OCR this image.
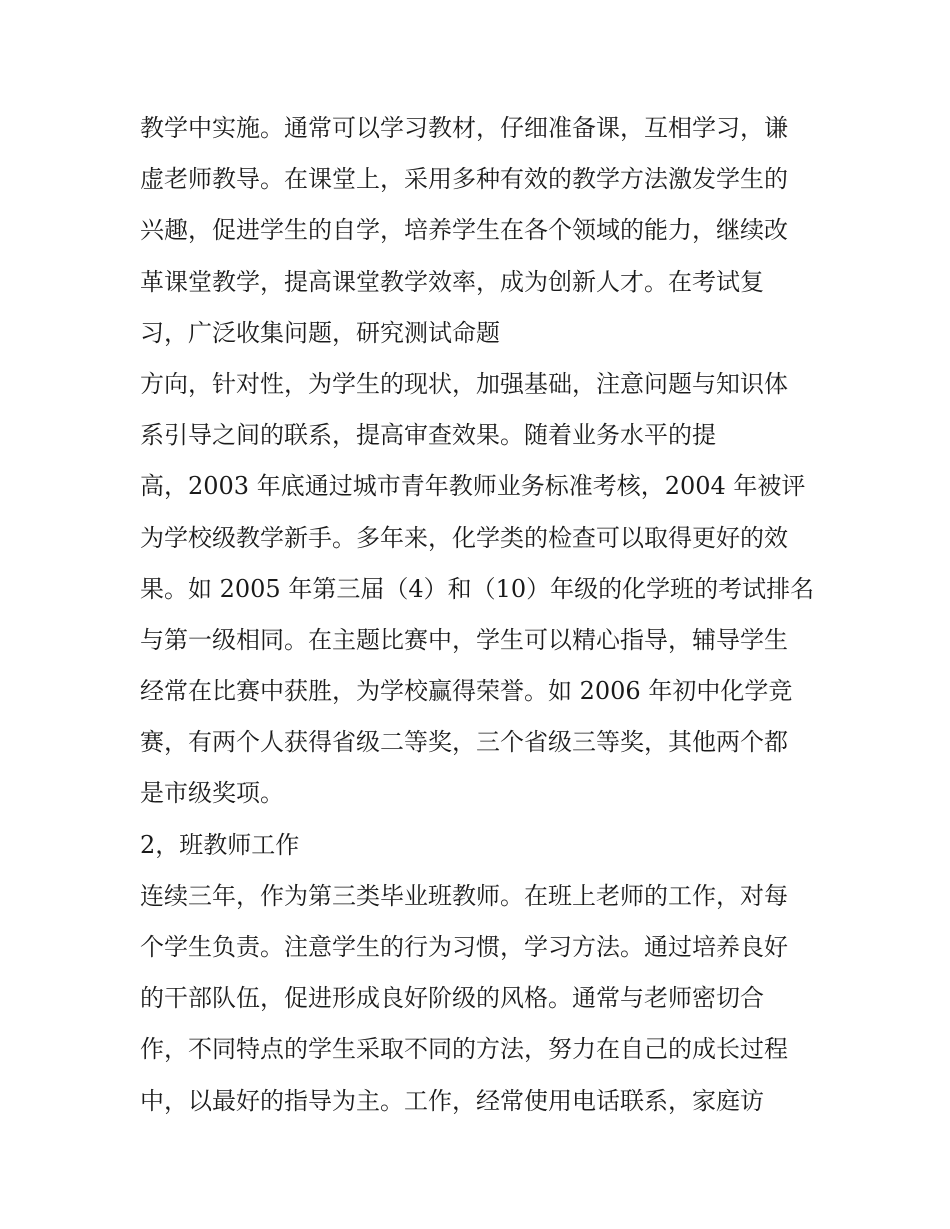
教学中实施。通常可以学习教材，仔细准备课，互相学习，谦
虚老师教导。在课堂上，采用多种有效的教学方法激发学生的
兴趣，促进学生的自学，培养学生在各个领域的能力，继续改
革课堂教学，提高课堂教学效率，成为创新人才。在考试复
习，广泛收集问题，研究测试命题
方向，针对性，为学生的现状，加强基础，注意问题与知识体
系引导之间的联系，提高审查效果。随着业务水平的提
高，2003 年底通过城市青年教师业务标准考核，2004 年被评
为学校级教学新手。多年来，化学类的检查可以取得更好的效
果。如 2005 年第三届（4）和（10）年级的化学班的考试排名
与第一级相同。在主题比赛中，学生可以精心指导，辅导学生
经常在比赛中获胜，为学校赢得荣誉。如 2006 年初中化学竞
赛，有两个人获得省级二等奖，三个省级三等奖，其他两个都
是市级奖项。
2，班教师工作
连续三年，作为第三类毕业班教师。在班上老师的工作，对每
个学生负责。注意学生的行为习惯，学习方法。通过培养良好
的干部队伍，促进形成良好阶级的风格。通常与老师密切合
作，不同特点的学生采取不同的方法，努力在自己的成长过程
中，以最好的指导为主。工作，经常使用电话联系，家庭访
